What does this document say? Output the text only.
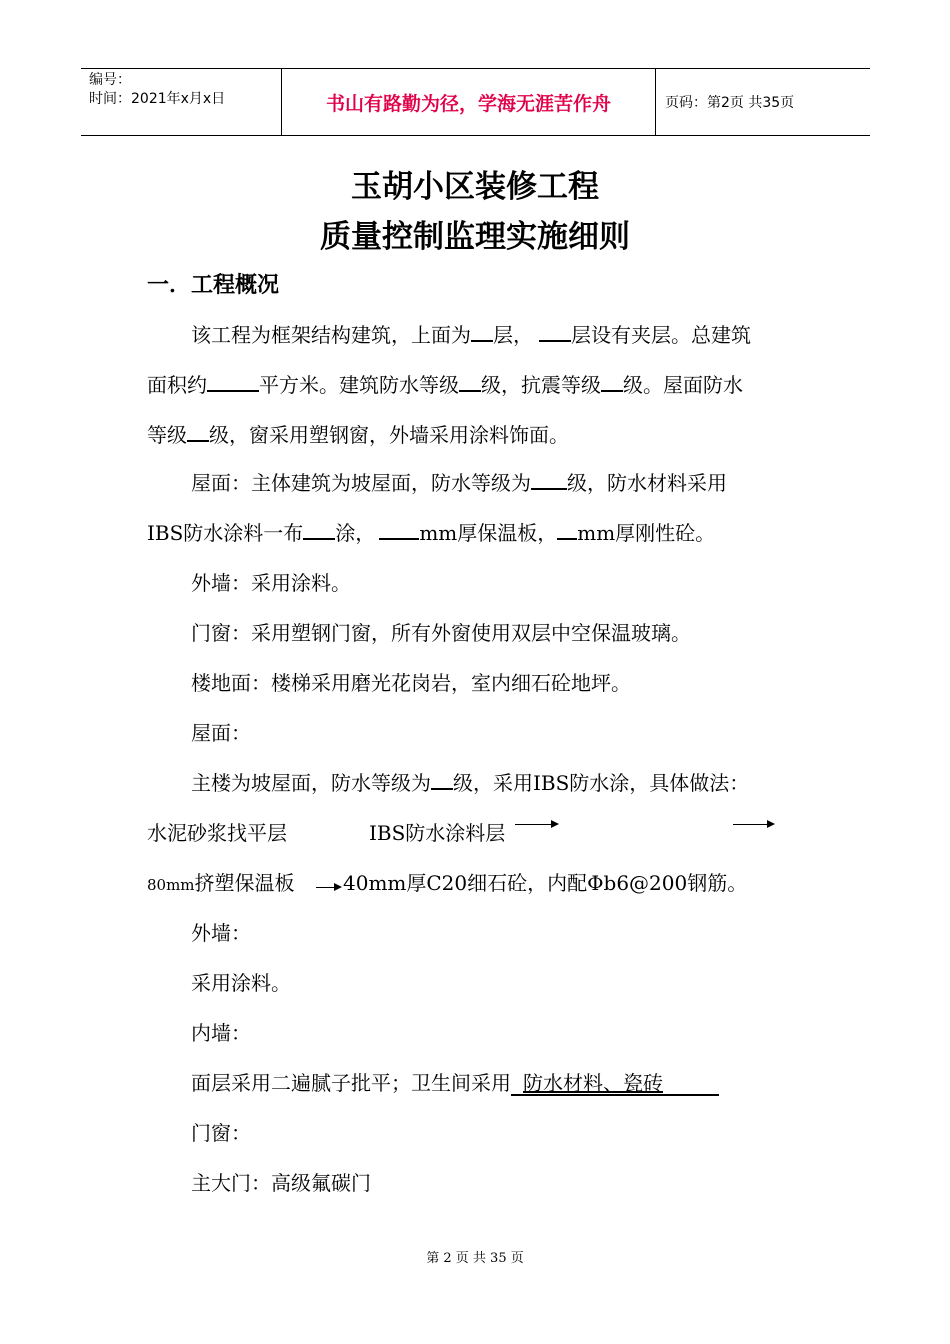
编号：
时间：2021年x月x日	书山有路勤为径，学海无涯苦作舟	页码：第2页 共35页
玉胡小区装修工程
质量控制监理实施细则
一．工程概况
该工程为框架结构建筑，上面为 层， 层设有夹层。总建筑
面积约	平方米。建筑防水等级 级，抗震等级 级。屋面防水
等级 级，窗采用塑钢窗，外墙采用涂料饰面。
屋面：主体建筑为坡屋面，防水等级为 级，防水材料采用
IBS防水涂料一布 涂， mm厚保温板， mm厚刚性砼。
外墙：采用涂料。
门窗：采用塑钢门窗，所有外窗使用双层中空保温玻璃。
楼地面：楼梯采用磨光花岗岩，室内细石砼地坪。
屋面：
主楼为坡屋面，防水等级为 级，采用IBS防水涂，具体做法：
水泥砂浆找平层	IBS防水涂料层
80mm挤塑保温板 40mm厚C20细石砼，内配Φb6@200钢筋。
外墙：
采用涂料。
内墙：
面层采用二遍腻子批平；卫生间采用 防水材料、瓷砖
门窗：
主大门：高级氟碳门
第 2 页 共 35 页
